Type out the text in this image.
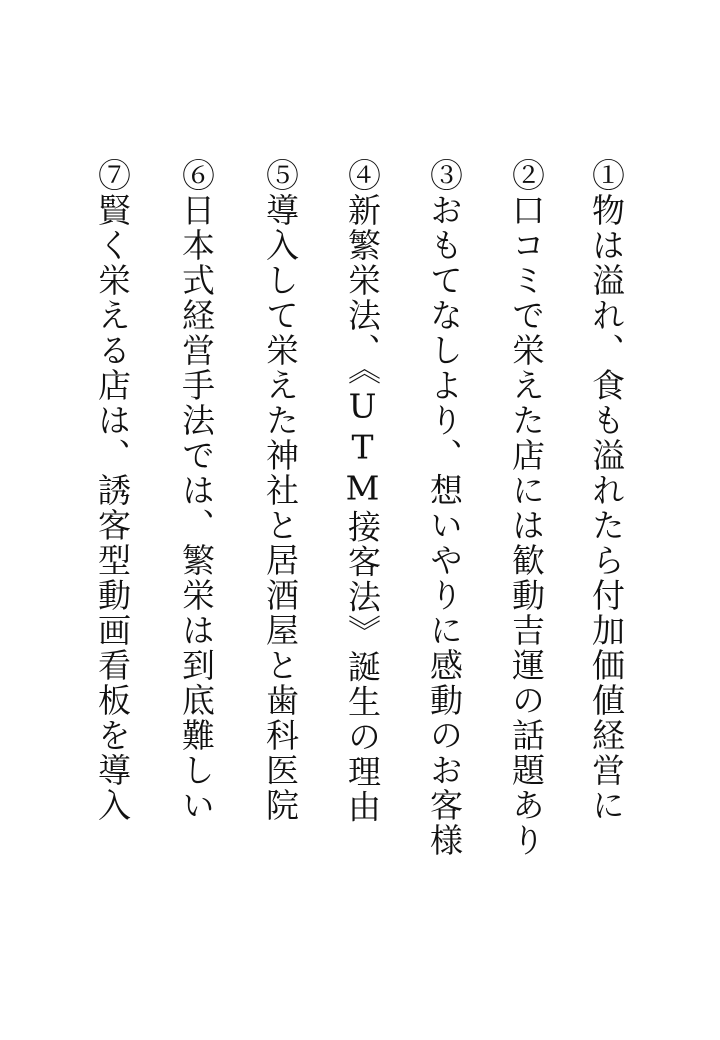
①物は溢れ、食も溢れたら付加価値経営に
②口コミで栄えた店には歓動吉運の話題あり
③おもてなしより、想いやりに感動のお客様
④新繁栄法、《UTM接客法》誕生の理由
⑤導入して栄えた神社と居酒屋と歯科医院
⑥日本式経営手法では、繁栄は到底難しい
⑦賢く栄える店は、誘客型動画看板を導入
